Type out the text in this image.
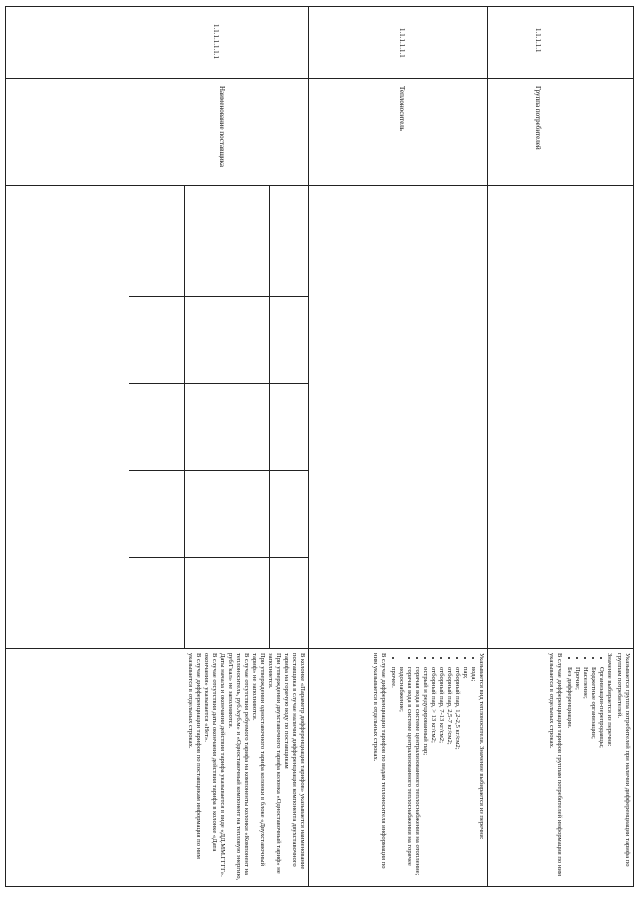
1.1.1.1.1
Группа потребителей

Указывается группа потребителей при наличии дифференциации тарифа по группам потребителей.

Значение выбирается из перечня:

• Организации-перепродавцы;
• Бюджетные организации;
• Население;
• Прочие;
• Без дифференциации.

В случае дифференциации тарифов группам потребителей информация по ним указывается в отдельных строках.

1.1.1.1.1.1
Теплоноситель

Указывается вид теплоносителя. Значение выбирается из перечня:

• вода;
• пар;
• отборный пар, 1,2-2,5 кг/см2;
• отборный пар, 2,5-7 кг/см2;
• отборный пар, 7-13 кг/см2;
• отборный пар, > 13 кг/см2;
• острый и редуцированный пар;
• горячая вода в системе централизованного теплоснабжения на отопление;
• горячая вода в системе централизованного теплоснабжения на горячее водоснабжение;
• прочее.

В случае дифференциации тарифов по видам теплоносителя информация по ним указывается в отдельных строках.

1.1.1.1.1.1.1
Наименование поставщика

В колонке «Параметр дифференциации тарифов» указывается наименование поставщика в случае наличия дифференциации компонента двухставочного тарифа на горячую воду по поставщикам

При утверждении двухставочного тарифа колонка «Одноставочный тариф» не заполняется.

При утверждении одноставочного тарифа колонки в блоке «Двухставочный тариф» не заполняются.

В случае отсутствия ребуемого тарифа на компоненты колонки «Компонент на теплоноситель, руб./куб.м» и «Одноставочный компонент на тепловую энергию, руб/Гкал» не заполняются.

Даты начала и окончания действия тарифа указывается в виде «ДД.ММ.ГГГГ».

В случае отсутствия даты окончания действия тарифа в колонке «Дата окончания» указывается «Нет».

В случае дифференциации тарифов по поставщикам информация по ним указывается в отдельных строках.
